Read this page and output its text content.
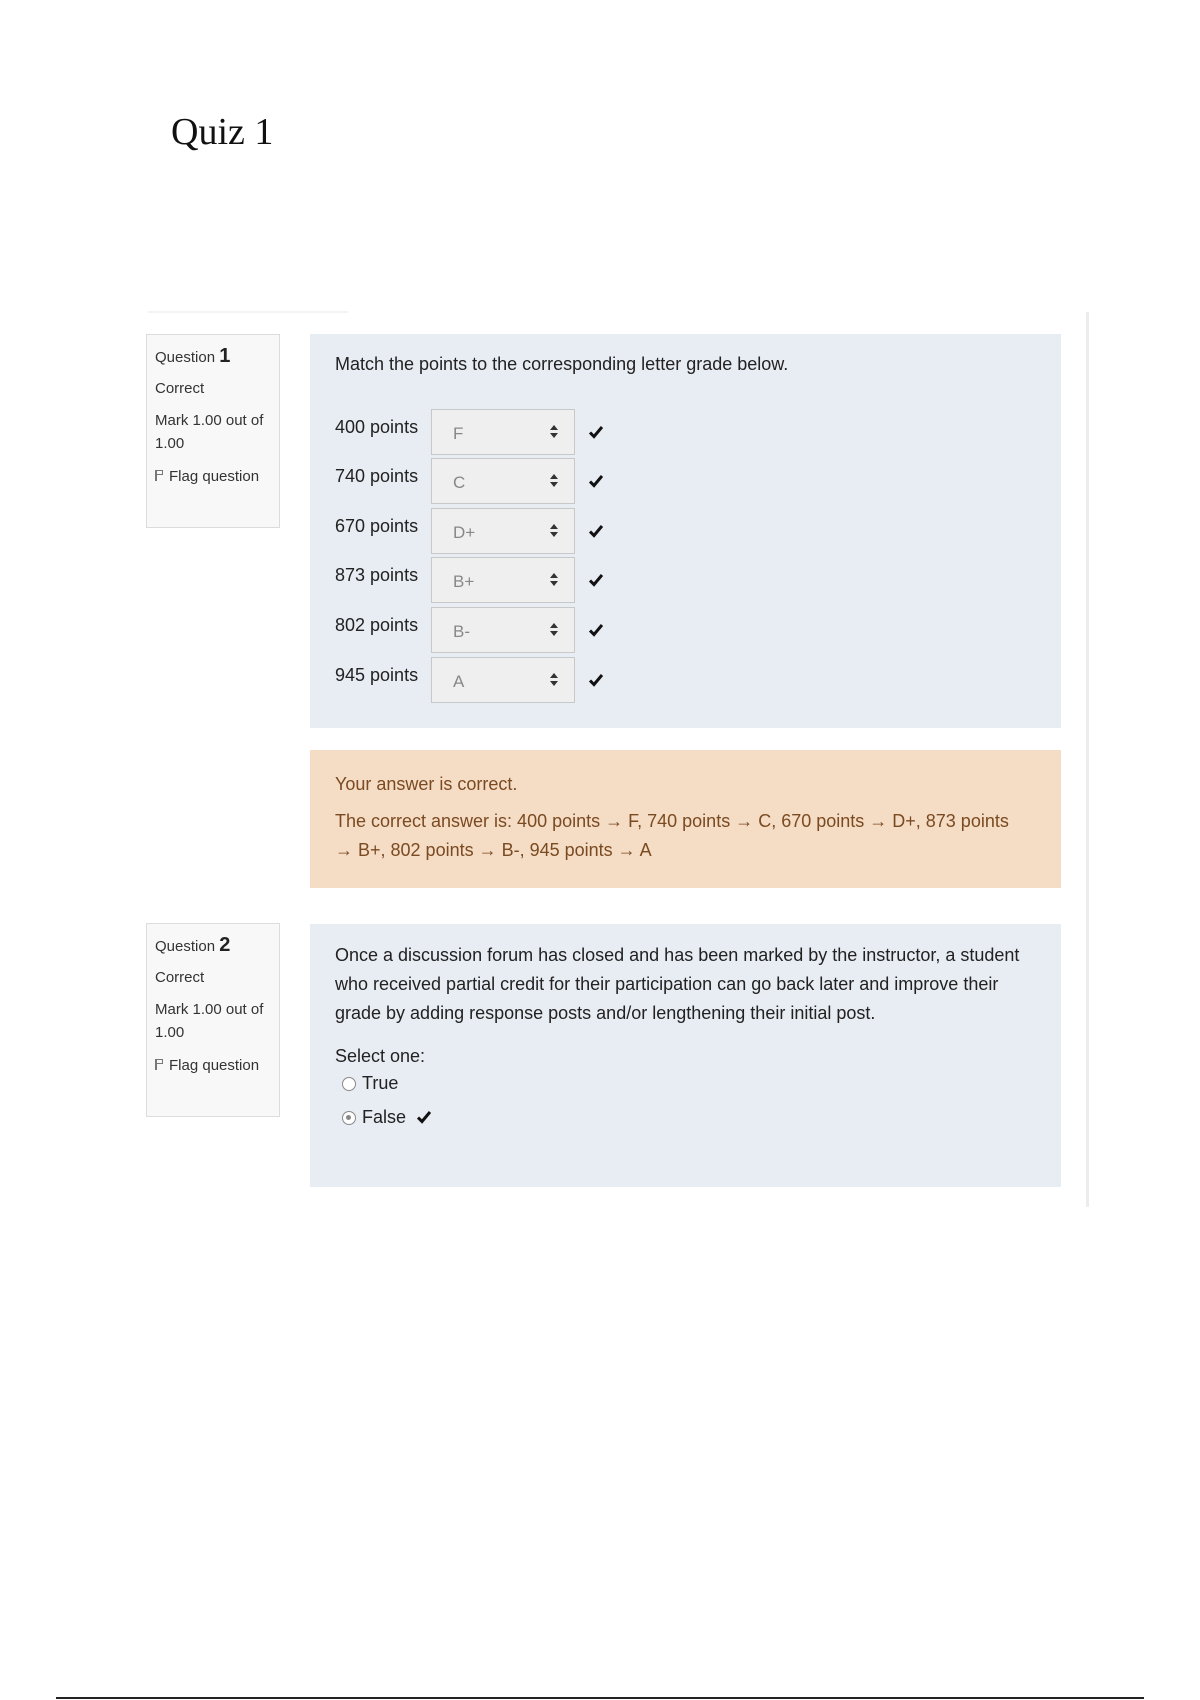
Quiz 1
Question 1
Correct
Mark 1.00 out of 1.00
Flag question
Match the points to the corresponding letter grade below.
400 points F
740 points C
670 points D+
873 points B+
802 points B-
945 points A
Your answer is correct.
The correct answer is: 400 points → F, 740 points → C, 670 points → D+, 873 points → B+, 802 points → B-, 945 points → A
Question 2
Correct
Mark 1.00 out of 1.00
Flag question
Once a discussion forum has closed and has been marked by the instructor, a student who received partial credit for their participation can go back later and improve their grade by adding response posts and/or lengthening their initial post.
Select one:
True
False
